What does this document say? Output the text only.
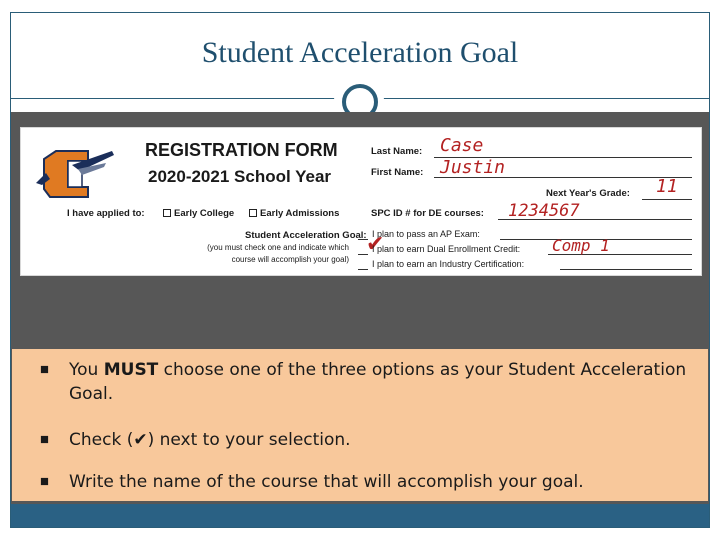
Student Acceleration Goal
REGISTRATION FORM
2020-2021 School Year
I have applied to:	Early College	Early Admissions
Last Name: Case
First Name: Justin
Next Year's Grade: 11
SPC ID # for DE courses: 1234567
Student Acceleration Goal:
(you must check one and indicate which
course will accomplish your goal)
I plan to pass an AP Exam:
✔
I plan to earn Dual Enrollment Credit: Comp 1
I plan to earn an Industry Certification:
You MUST choose one of the three options as your Student Acceleration Goal.
Check (✔) next to your selection.
Write the name of the course that will accomplish your goal.
